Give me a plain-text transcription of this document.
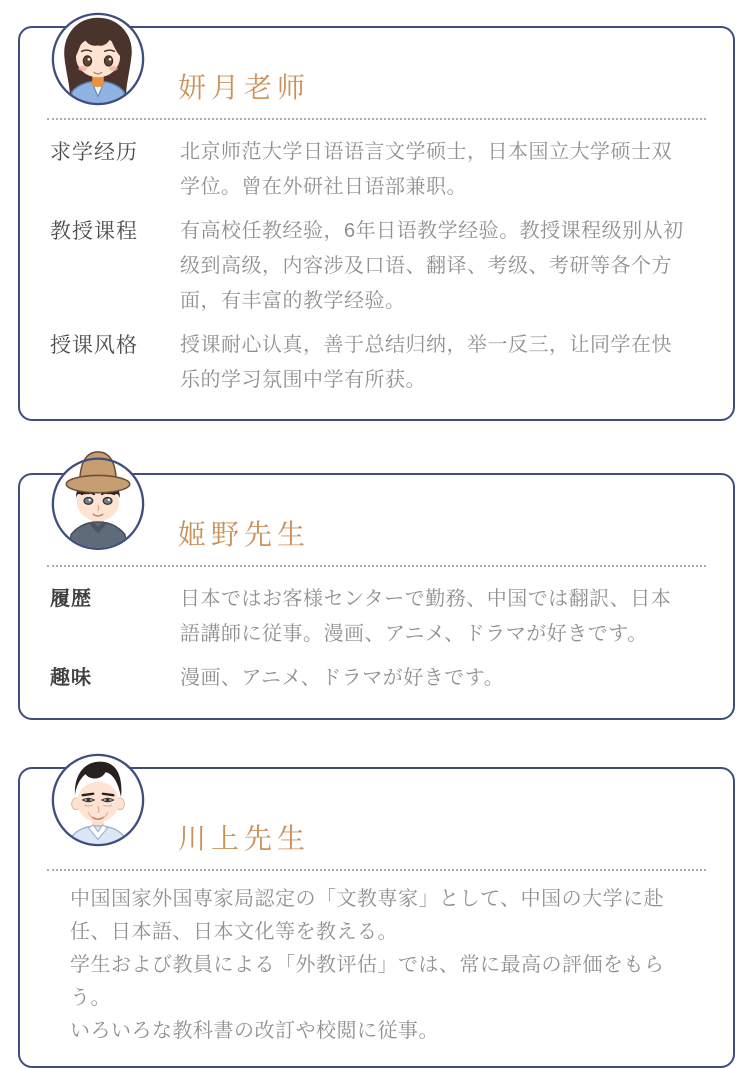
妍月老师
求学经历	北京师范大学日语语言文学硕士，日本国立大学硕士双学位。曾在外研社日语部兼职。
教授课程	有高校任教经验，6年日语教学经验。教授课程级别从初级到高级，内容涉及口语、翻译、考级、考研等各个方面，有丰富的教学经验。
授课风格	授课耐心认真，善于总结归纳，举一反三，让同学在快乐的学习氛围中学有所获。
姬野先生
履歴	日本ではお客様センターで勤務、中国では翻訳、日本語講師に従事。漫画、アニメ、ドラマが好きです。
趣味	漫画、アニメ、ドラマが好きです。
川上先生

中国国家外国専家局認定の「文教専家」として、中国の大学に赴任、日本語、日本文化等を教える。

学生および教員による「外教评估」では、常に最高の評価をもらう。

いろいろな教科書の改訂や校閲に従事。
